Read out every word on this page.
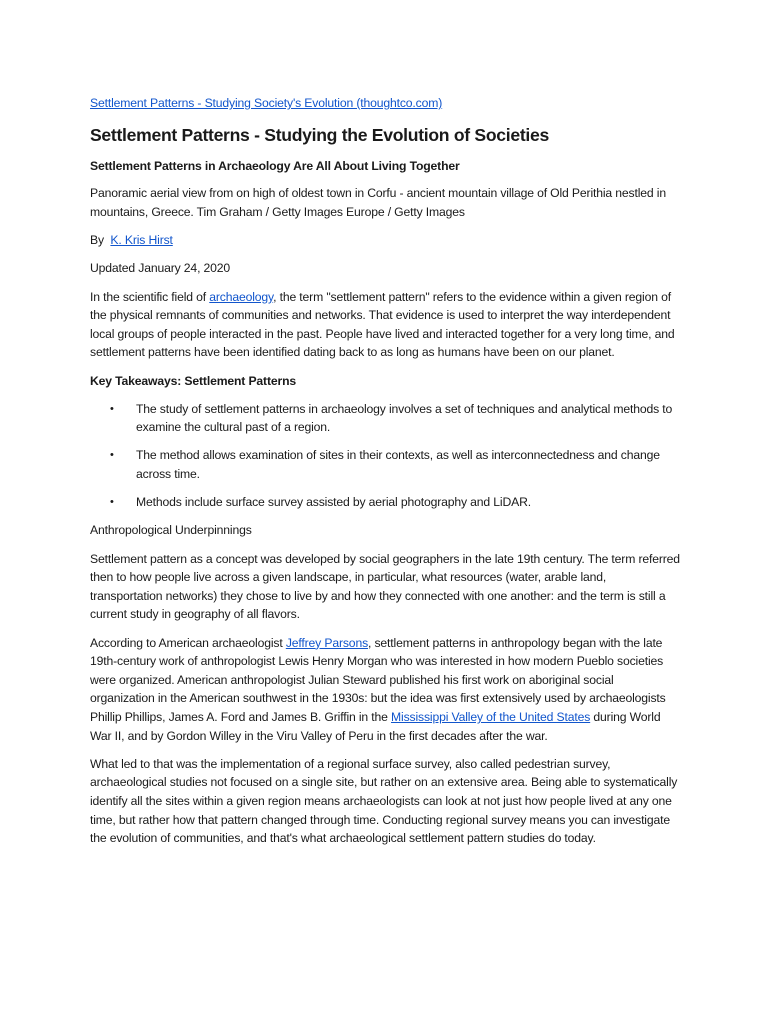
Settlement Patterns - Studying Society's Evolution (thoughtco.com)

Settlement Patterns - Studying the Evolution of Societies

Settlement Patterns in Archaeology Are All About Living Together

Panoramic aerial view from on high of oldest town in Corfu - ancient mountain village of Old Perithia nestled in mountains, Greece. Tim Graham / Getty Images Europe / Getty Images

By  K. Kris Hirst

Updated January 24, 2020

In the scientific field of archaeology, the term "settlement pattern" refers to the evidence within a given region of the physical remnants of communities and networks. That evidence is used to interpret the way interdependent local groups of people interacted in the past. People have lived and interacted together for a very long time, and settlement patterns have been identified dating back to as long as humans have been on our planet.

Key Takeaways: Settlement Patterns

• The study of settlement patterns in archaeology involves a set of techniques and analytical methods to examine the cultural past of a region.
• The method allows examination of sites in their contexts, as well as interconnectedness and change across time.
• Methods include surface survey assisted by aerial photography and LiDAR.

Anthropological Underpinnings

Settlement pattern as a concept was developed by social geographers in the late 19th century. The term referred then to how people live across a given landscape, in particular, what resources (water, arable land, transportation networks) they chose to live by and how they connected with one another: and the term is still a current study in geography of all flavors.

According to American archaeologist Jeffrey Parsons, settlement patterns in anthropology began with the late 19th-century work of anthropologist Lewis Henry Morgan who was interested in how modern Pueblo societies were organized. American anthropologist Julian Steward published his first work on aboriginal social organization in the American southwest in the 1930s: but the idea was first extensively used by archaeologists Phillip Phillips, James A. Ford and James B. Griffin in the Mississippi Valley of the United States during World War II, and by Gordon Willey in the Viru Valley of Peru in the first decades after the war.

What led to that was the implementation of a regional surface survey, also called pedestrian survey, archaeological studies not focused on a single site, but rather on an extensive area. Being able to systematically identify all the sites within a given region means archaeologists can look at not just how people lived at any one time, but rather how that pattern changed through time. Conducting regional survey means you can investigate the evolution of communities, and that's what archaeological settlement pattern studies do today.
